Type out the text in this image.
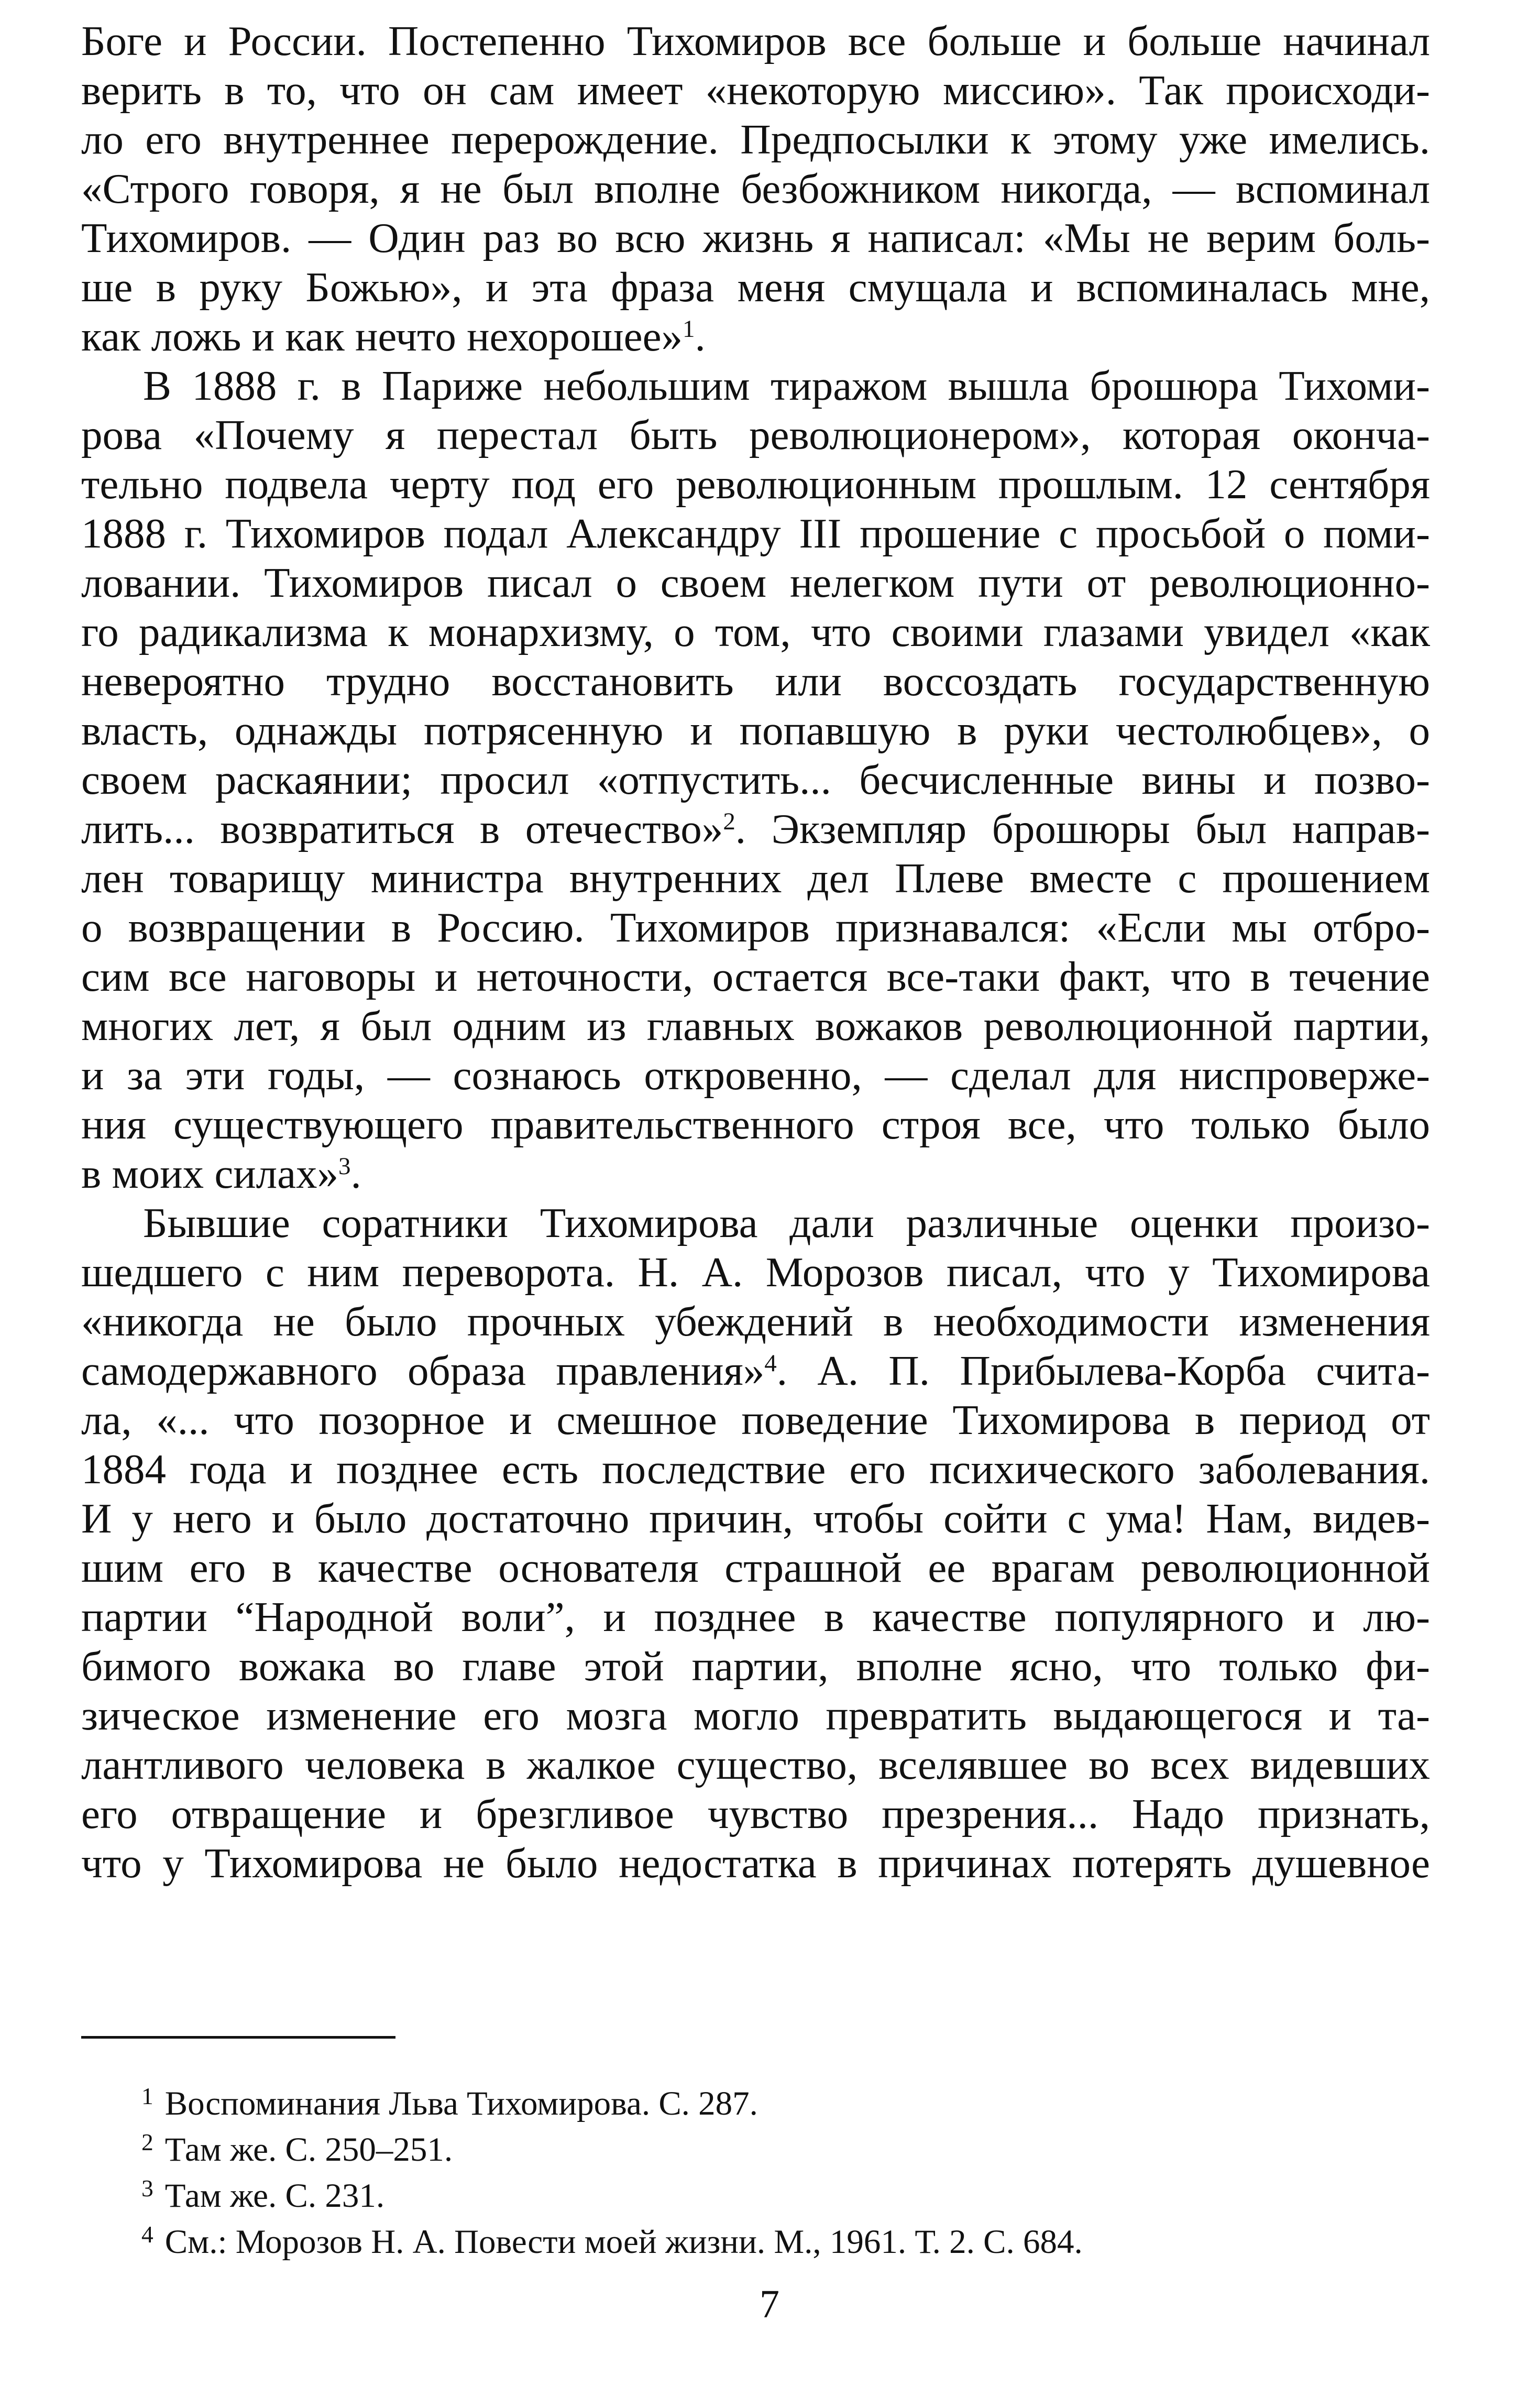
Боге и России. Постепенно Тихомиров все больше и больше начинал
верить в то, что он сам имеет «некоторую миссию». Так происходи-
ло его внутреннее перерождение. Предпосылки к этому уже имелись.
«Строго говоря, я не был вполне безбожником никогда, — вспоминал
Тихомиров. — Один раз во всю жизнь я написал: «Мы не верим боль-
ше в руку Божью», и эта фраза меня смущала и вспоминалась мне,
как ложь и как нечто нехорошее»$^1$.
В 1888 г. в Париже небольшим тиражом вышла брошюра Тихоми-
рова «Почему я перестал быть революционером», которая оконча-
тельно подвела черту под его революционным прошлым. 12 сентября
1888 г. Тихомиров подал Александру III прошение с просьбой о поми-
ловании. Тихомиров писал о своем нелегком пути от революционно-
го радикализма к монархизму, о том, что своими глазами увидел «как
невероятно трудно восстановить или воссоздать государственную
власть, однажды потрясенную и попавшую в руки честолюбцев», о
своем раскаянии; просил «отпустить... бесчисленные вины и позво-
лить... возвратиться в отечество»$^2$. Экземпляр брошюры был направ-
лен товарищу министра внутренних дел Плеве вместе с прошением
о возвращении в Россию. Тихомиров признавался: «Если мы отбро-
сим все наговоры и неточности, остается все-таки факт, что в течение
многих лет, я был одним из главных вожаков революционной партии,
и за эти годы, — сознаюсь откровенно, — сделал для ниспроверже-
ния существующего правительственного строя все, что только было
в моих силах»$^3$.
Бывшие соратники Тихомирова дали различные оценки произо-
шедшего с ним переворота. Н. А. Морозов писал, что у Тихомирова
«никогда не было прочных убеждений в необходимости изменения
самодержавного образа правления»$^4$. А. П. Прибылева-Корба счита-
ла, «... что позорное и смешное поведение Тихомирова в период от
1884 года и позднее есть последствие его психического заболевания.
И у него и было достаточно причин, чтобы сойти с ума! Нам, видев-
шим его в качестве основателя страшной ее врагам революционной
партии “Народной воли”, и позднее в качестве популярного и лю-
бимого вожака во главе этой партии, вполне ясно, что только фи-
зическое изменение его мозга могло превратить выдающегося и та-
лантливого человека в жалкое существо, вселявшее во всех видевших
его отвращение и брезгливое чувство презрения... Надо признать,
что у Тихомирова не было недостатка в причинах потерять душевное
$^1$ Воспоминания Льва Тихомирова. С. 287.
$^2$ Там же. С. 250–251.
$^3$ Там же. С. 231.
$^4$ См.: Морозов Н. А. Повести моей жизни. М., 1961. Т. 2. С. 684.
7
